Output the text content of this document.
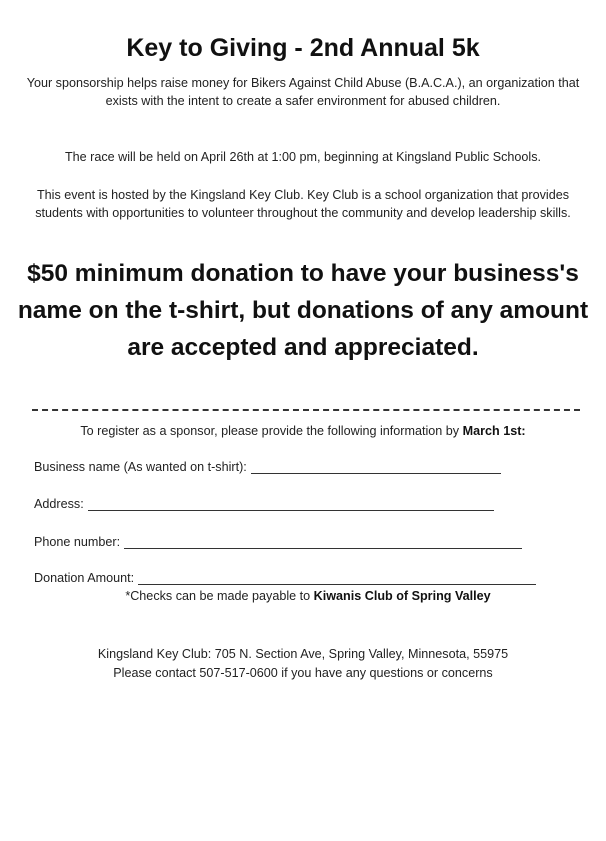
Key to Giving - 2nd Annual 5k
Your sponsorship helps raise money for Bikers Against Child Abuse (B.A.C.A.), an organization that exists with the intent to create a safer environment for abused children.
The race will be held on April 26th at 1:00 pm, beginning at Kingsland Public Schools.
This event is hosted by the Kingsland Key Club. Key Club is a school organization that provides students with opportunities to volunteer throughout the community and develop leadership skills.
$50 minimum donation to have your business's name on the t-shirt, but donations of any amount are accepted and appreciated.
To register as a sponsor, please provide the following information by March 1st:
Business name (As wanted on t-shirt):
Address:
Phone number:
Donation Amount:
*Checks can be made payable to Kiwanis Club of Spring Valley
Kingsland Key Club: 705 N. Section Ave, Spring Valley, Minnesota, 55975
Please contact 507-517-0600 if you have any questions or concerns
